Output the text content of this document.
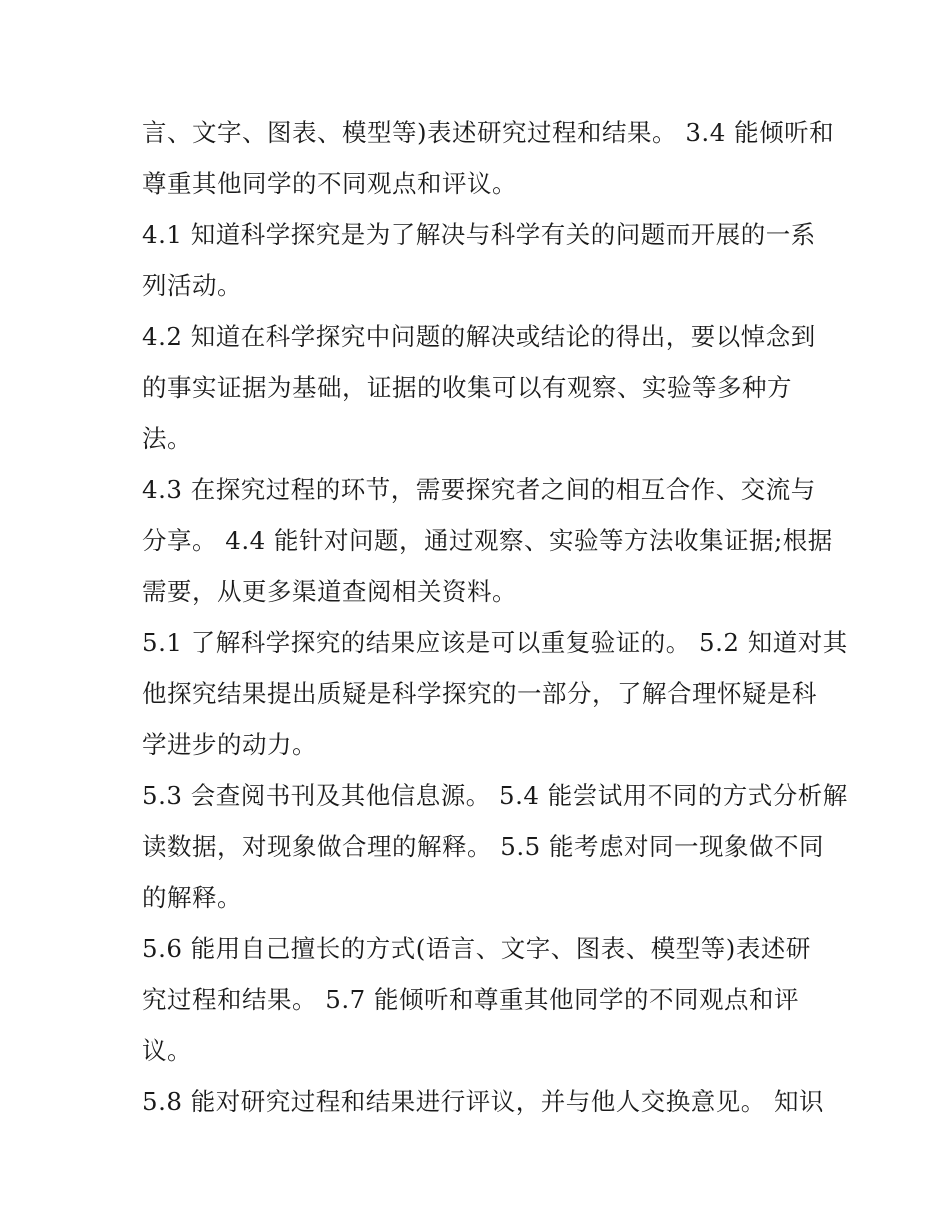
言、文字、图表、模型等)表述研究过程和结果。 3.4 能倾听和
尊重其他同学的不同观点和评议。
4.1 知道科学探究是为了解决与科学有关的问题而开展的一系
列活动。
4.2 知道在科学探究中问题的解决或结论的得出，要以悼念到
的事实证据为基础，证据的收集可以有观察、实验等多种方
法。
4.3 在探究过程的环节，需要探究者之间的相互合作、交流与
分享。 4.4 能针对问题，通过观察、实验等方法收集证据;根据
需要，从更多渠道查阅相关资料。
5.1 了解科学探究的结果应该是可以重复验证的。 5.2 知道对其
他探究结果提出质疑是科学探究的一部分，了解合理怀疑是科
学进步的动力。
5.3 会查阅书刊及其他信息源。 5.4 能尝试用不同的方式分析解
读数据，对现象做合理的解释。 5.5 能考虑对同一现象做不同
的解释。
5.6 能用自己擅长的方式(语言、文字、图表、模型等)表述研
究过程和结果。 5.7 能倾听和尊重其他同学的不同观点和评
议。
5.8 能对研究过程和结果进行评议，并与他人交换意见。 知识
